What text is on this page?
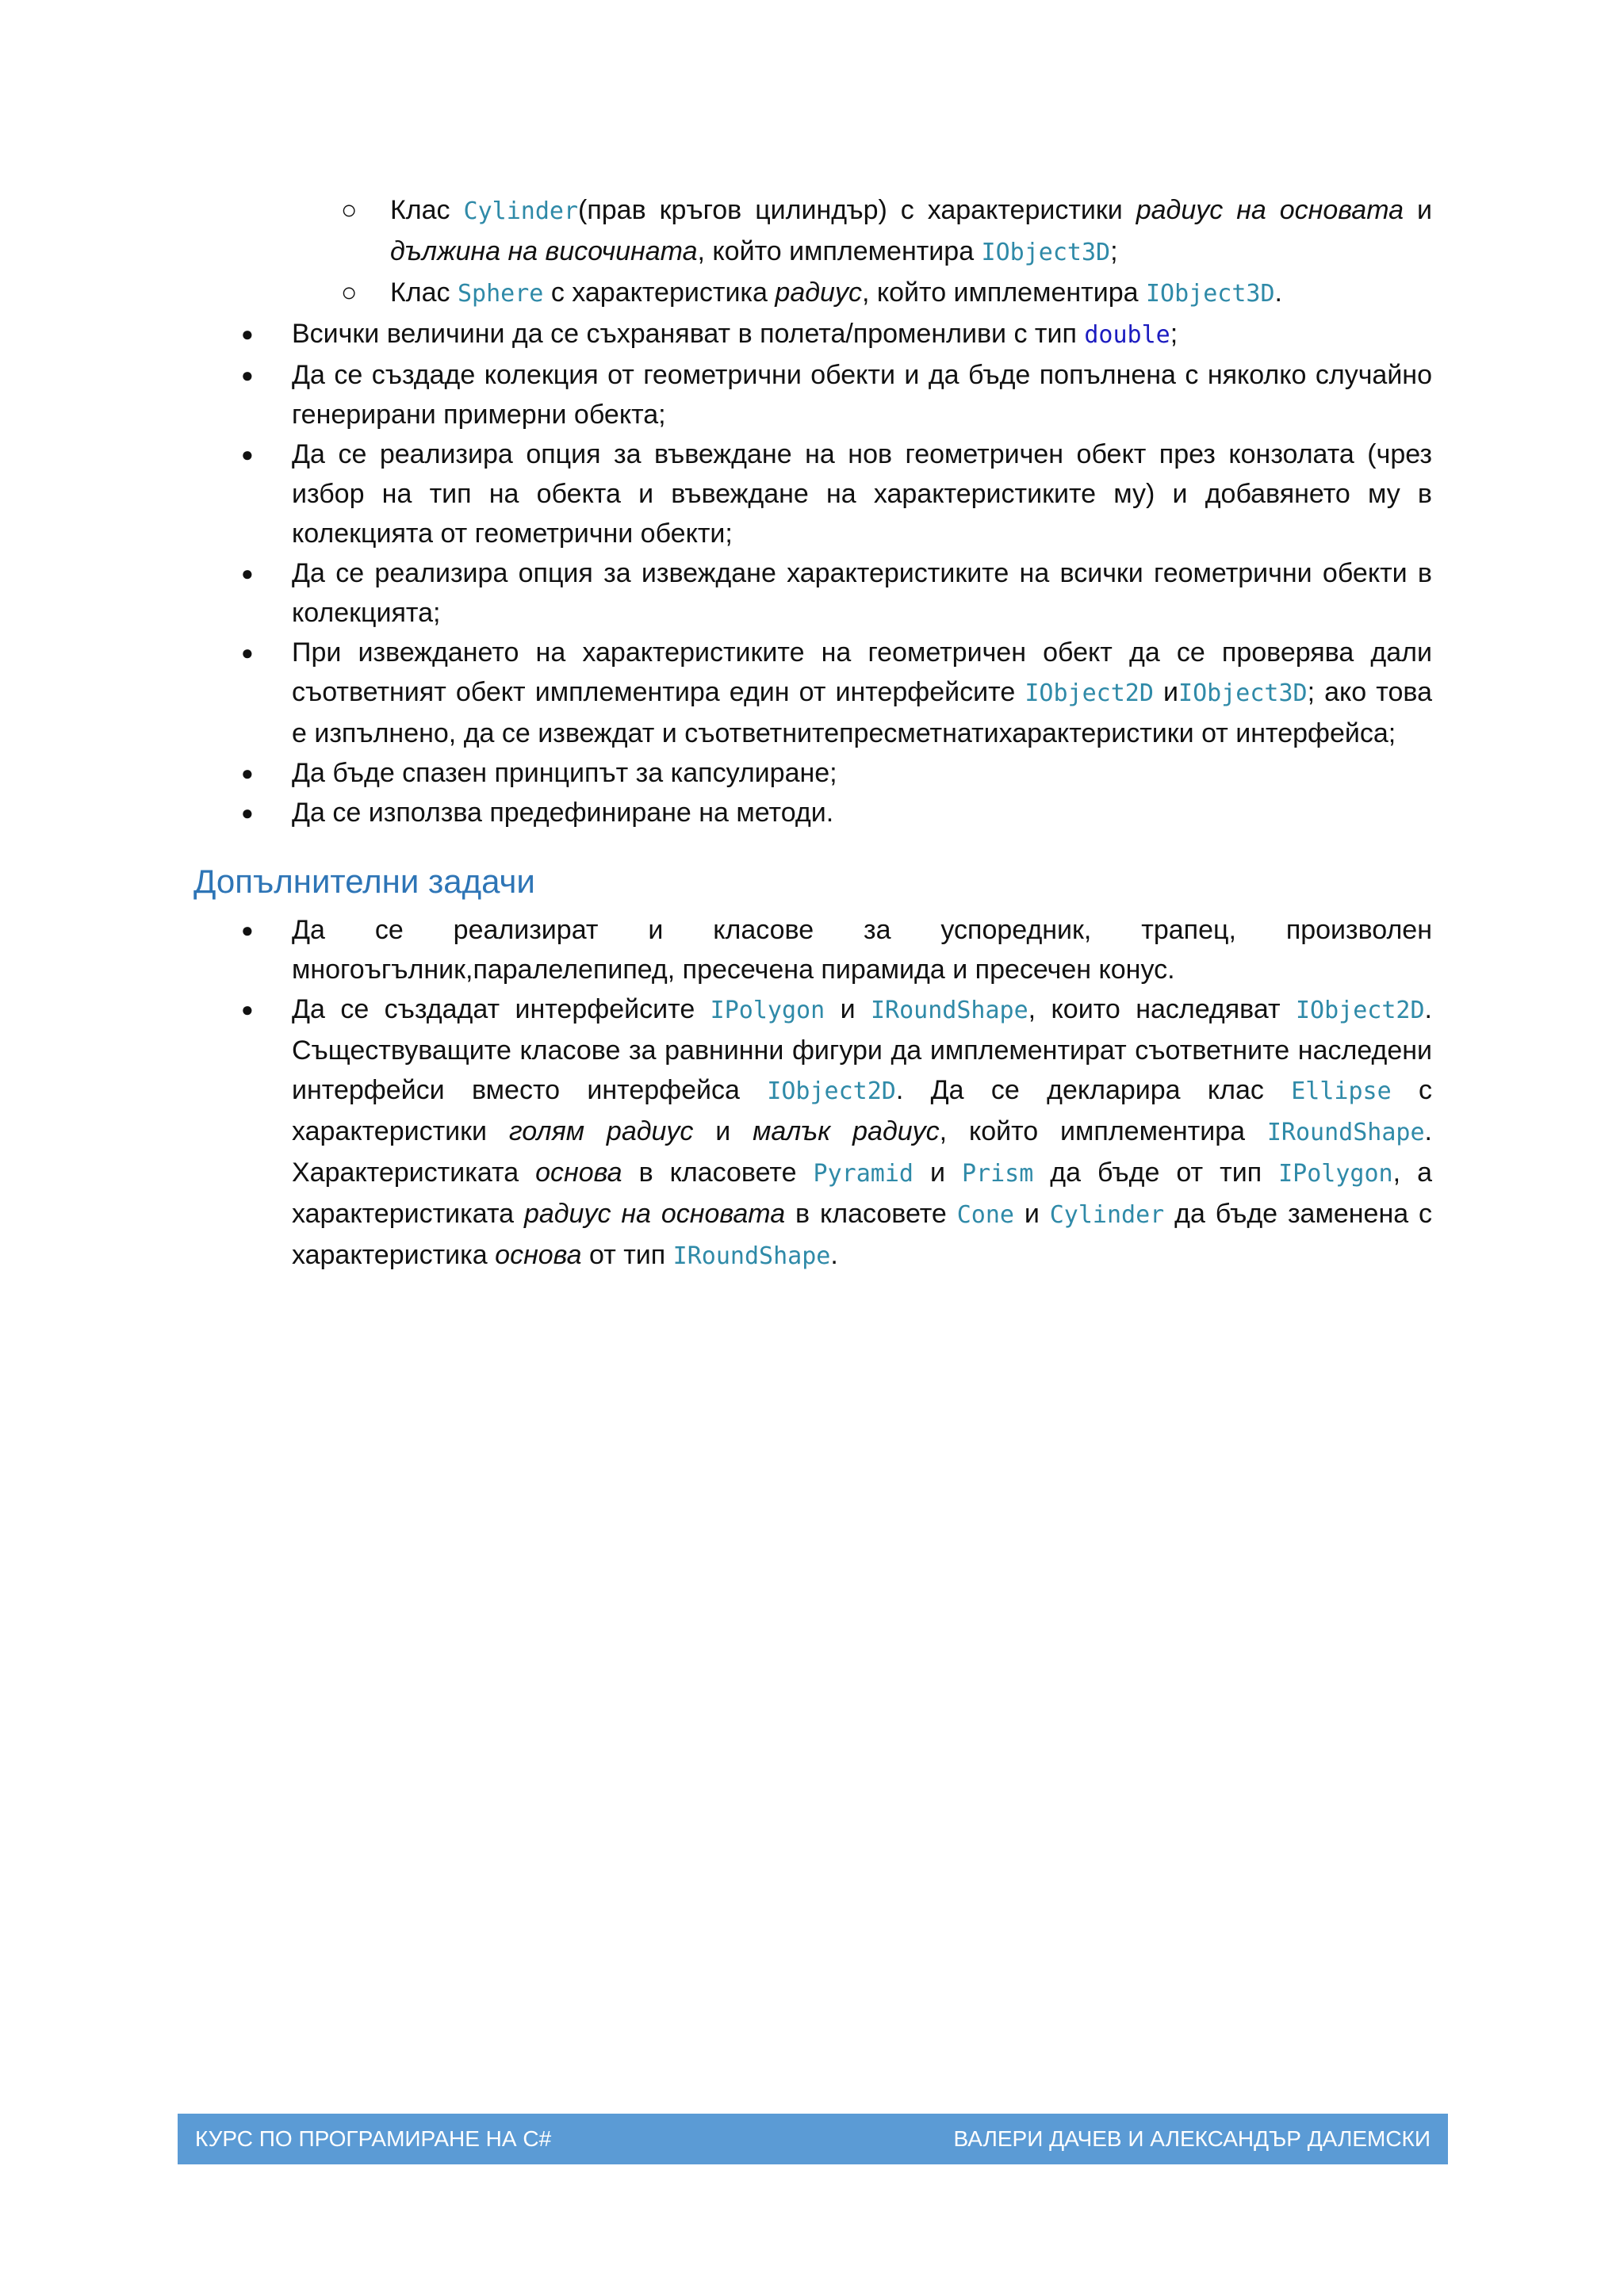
○ Клас Cylinder(прав кръгов цилиндър) с характеристики радиус на основата и дължина на височината, който имплементира IObject3D;
○ Клас Sphere с характеристика радиус, който имплементира IObject3D.
● Всички величини да се съхраняват в полета/променливи с тип double;
● Да се създаде колекция от геометрични обекти и да бъде попълнена с няколко случайно генерирани примерни обекта;
● Да се реализира опция за въвеждане на нов геометричен обект през конзолата (чрез избор на тип на обекта и въвеждане на характеристиките му) и добавянето му в колекцията от геометрични обекти;
● Да се реализира опция за извеждане характеристиките на всички геометрични обекти в колекцията;
● При извеждането на характеристиките на геометричен обект да се проверява дали съответният обект имплементира един от интерфейсите IObject2D иIObject3D; ако това е изпълнено, да се извеждат и съответнитепресметнатихарактеристики от интерфейса;
● Да бъде спазен принципът за капсулиране;
● Да се използва предефиниране на методи.
Допълнителни задачи
● Да се реализират и класове за успоредник, трапец, произволен многоъгълник,паралелепипед, пресечена пирамида и пресечен конус.
● Да се създадат интерфейсите IPolygon и IRoundShape, които наследяват IObject2D. Съществуващите класове за равнинни фигури да имплементират съответните наследени интерфейси вместо интерфейса IObject2D. Да се декларира клас Ellipse с характеристики голям радиус и малък радиус, който имплементира IRoundShape. Характеристиката основа в класовете Pyramid и Prism да бъде от тип IPolygon, а характеристиката радиус на основата в класовете Cone и Cylinder да бъде заменена с характеристика основа от тип IRoundShape.
КУРС ПО ПРОГРАМИРАНЕ НА C#	ВАЛЕРИ ДАЧЕВ И АЛЕКСАНДЪР ДАЛЕМСКИ
